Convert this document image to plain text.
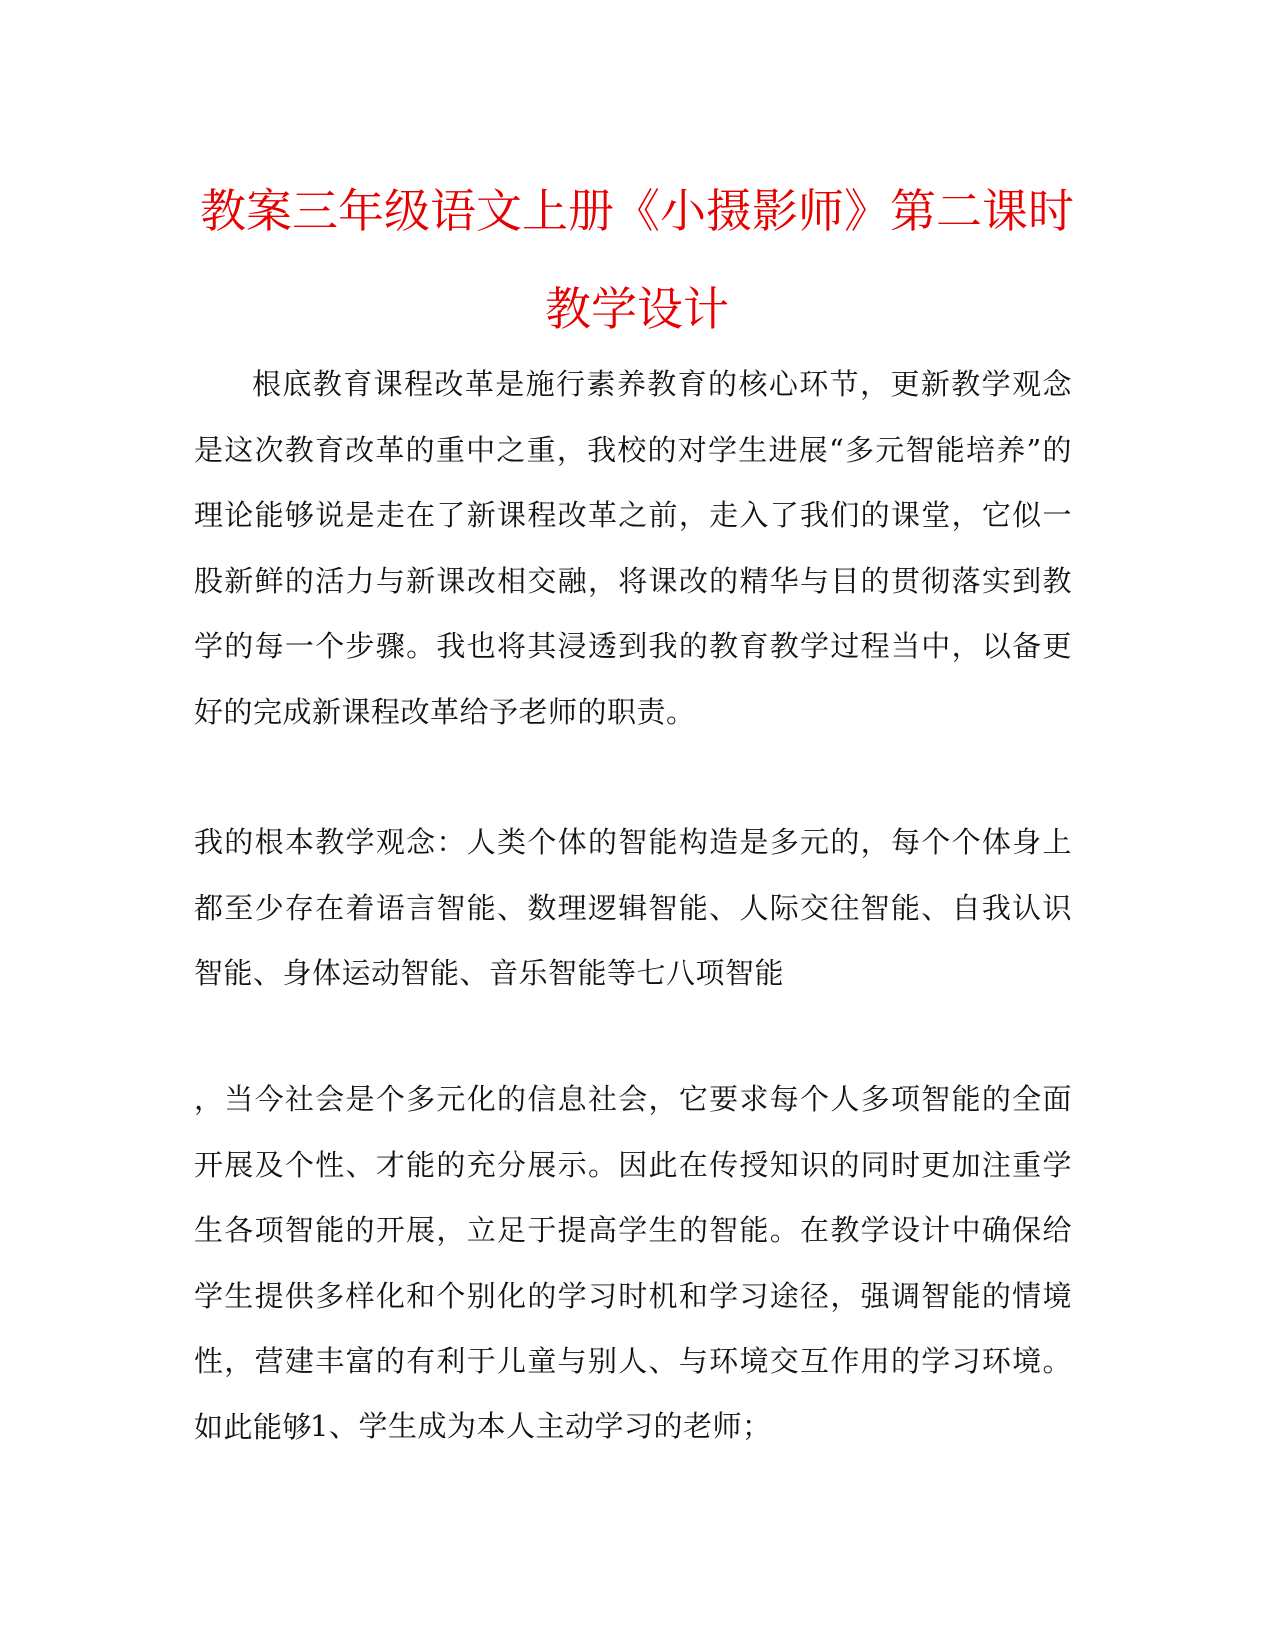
教案三年级语文上册《小摄影师》第二课时教学设计

根底教育课程改革是施行素养教育的核心环节，更新教学观念是这次教育改革的重中之重，我校的对学生进展“多元智能培养”的理论能够说是走在了新课程改革之前，走入了我们的课堂，它似一股新鲜的活力与新课改相交融，将课改的精华与目的贯彻落实到教学的每一个步骤。我也将其浸透到我的教育教学过程当中，以备更好的完成新课程改革给予老师的职责。

我的根本教学观念：人类个体的智能构造是多元的，每个个体身上都至少存在着语言智能、数理逻辑智能、人际交往智能、自我认识智能、身体运动智能、音乐智能等七八项智能

，当今社会是个多元化的信息社会，它要求每个人多项智能的全面开展及个性、才能的充分展示。因此在传授知识的同时更加注重学生各项智能的开展，立足于提高学生的智能。在教学设计中确保给学生提供多样化和个别化的学习时机和学习途径，强调智能的情境性，营建丰富的有利于儿童与别人、与环境交互作用的学习环境。如此能够

1、学生成为本人主动学习的老师；
